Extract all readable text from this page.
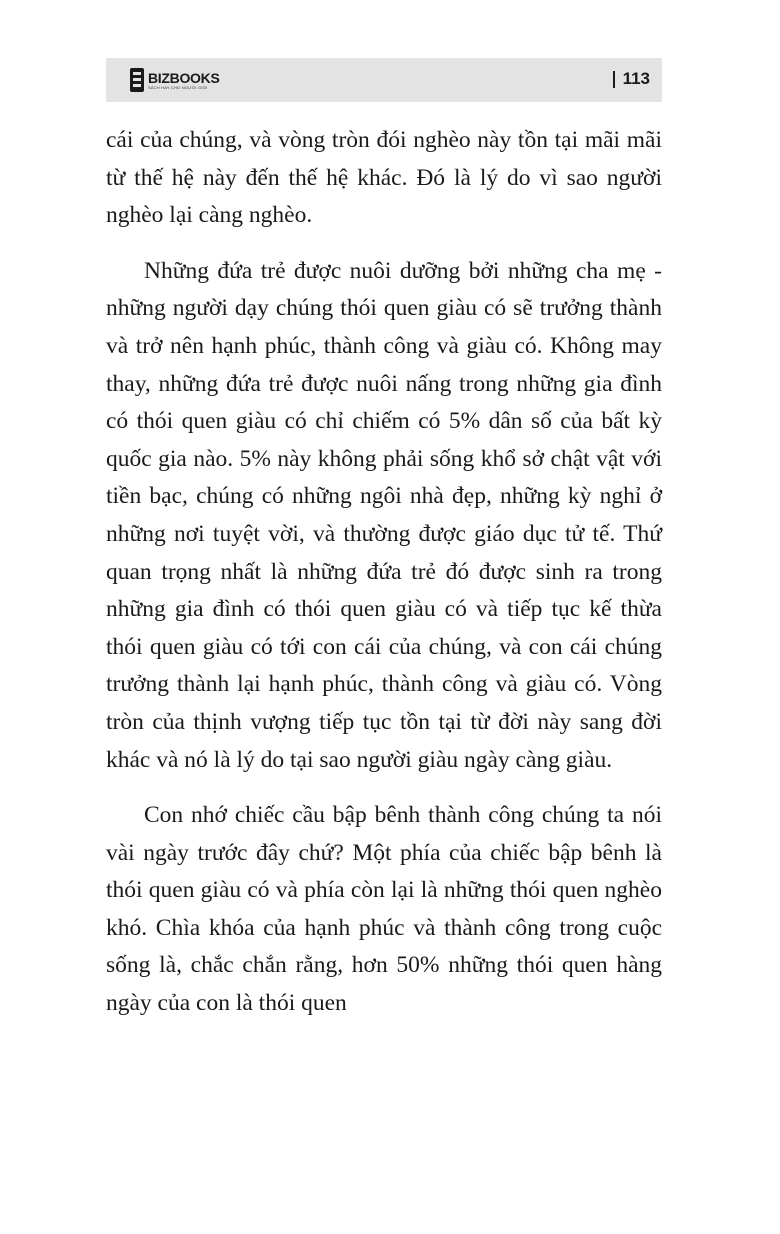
BIZBOOKS
SÁCH HAY CHO NGƯỜI GIỎI	113

cái của chúng, và vòng tròn đói nghèo này tồn tại mãi mãi từ thế hệ này đến thế hệ khác. Đó là lý do vì sao người nghèo lại càng nghèo.

Những đứa trẻ được nuôi dưỡng bởi những cha mẹ - những người dạy chúng thói quen giàu có sẽ trưởng thành và trở nên hạnh phúc, thành công và giàu có. Không may thay, những đứa trẻ được nuôi nấng trong những gia đình có thói quen giàu có chỉ chiếm có 5% dân số của bất kỳ quốc gia nào. 5% này không phải sống khổ sở chật vật với tiền bạc, chúng có những ngôi nhà đẹp, những kỳ nghỉ ở những nơi tuyệt vời, và thường được giáo dục tử tế. Thứ quan trọng nhất là những đứa trẻ đó được sinh ra trong những gia đình có thói quen giàu có và tiếp tục kế thừa thói quen giàu có tới con cái của chúng, và con cái chúng trưởng thành lại hạnh phúc, thành công và giàu có. Vòng tròn của thịnh vượng tiếp tục tồn tại từ đời này sang đời khác và nó là lý do tại sao người giàu ngày càng giàu.

Con nhớ chiếc cầu bập bênh thành công chúng ta nói vài ngày trước đây chứ? Một phía của chiếc bập bênh là thói quen giàu có và phía còn lại là những thói quen nghèo khó. Chìa khóa của hạnh phúc và thành công trong cuộc sống là, chắc chắn rằng, hơn 50% những thói quen hàng ngày của con là thói quen
